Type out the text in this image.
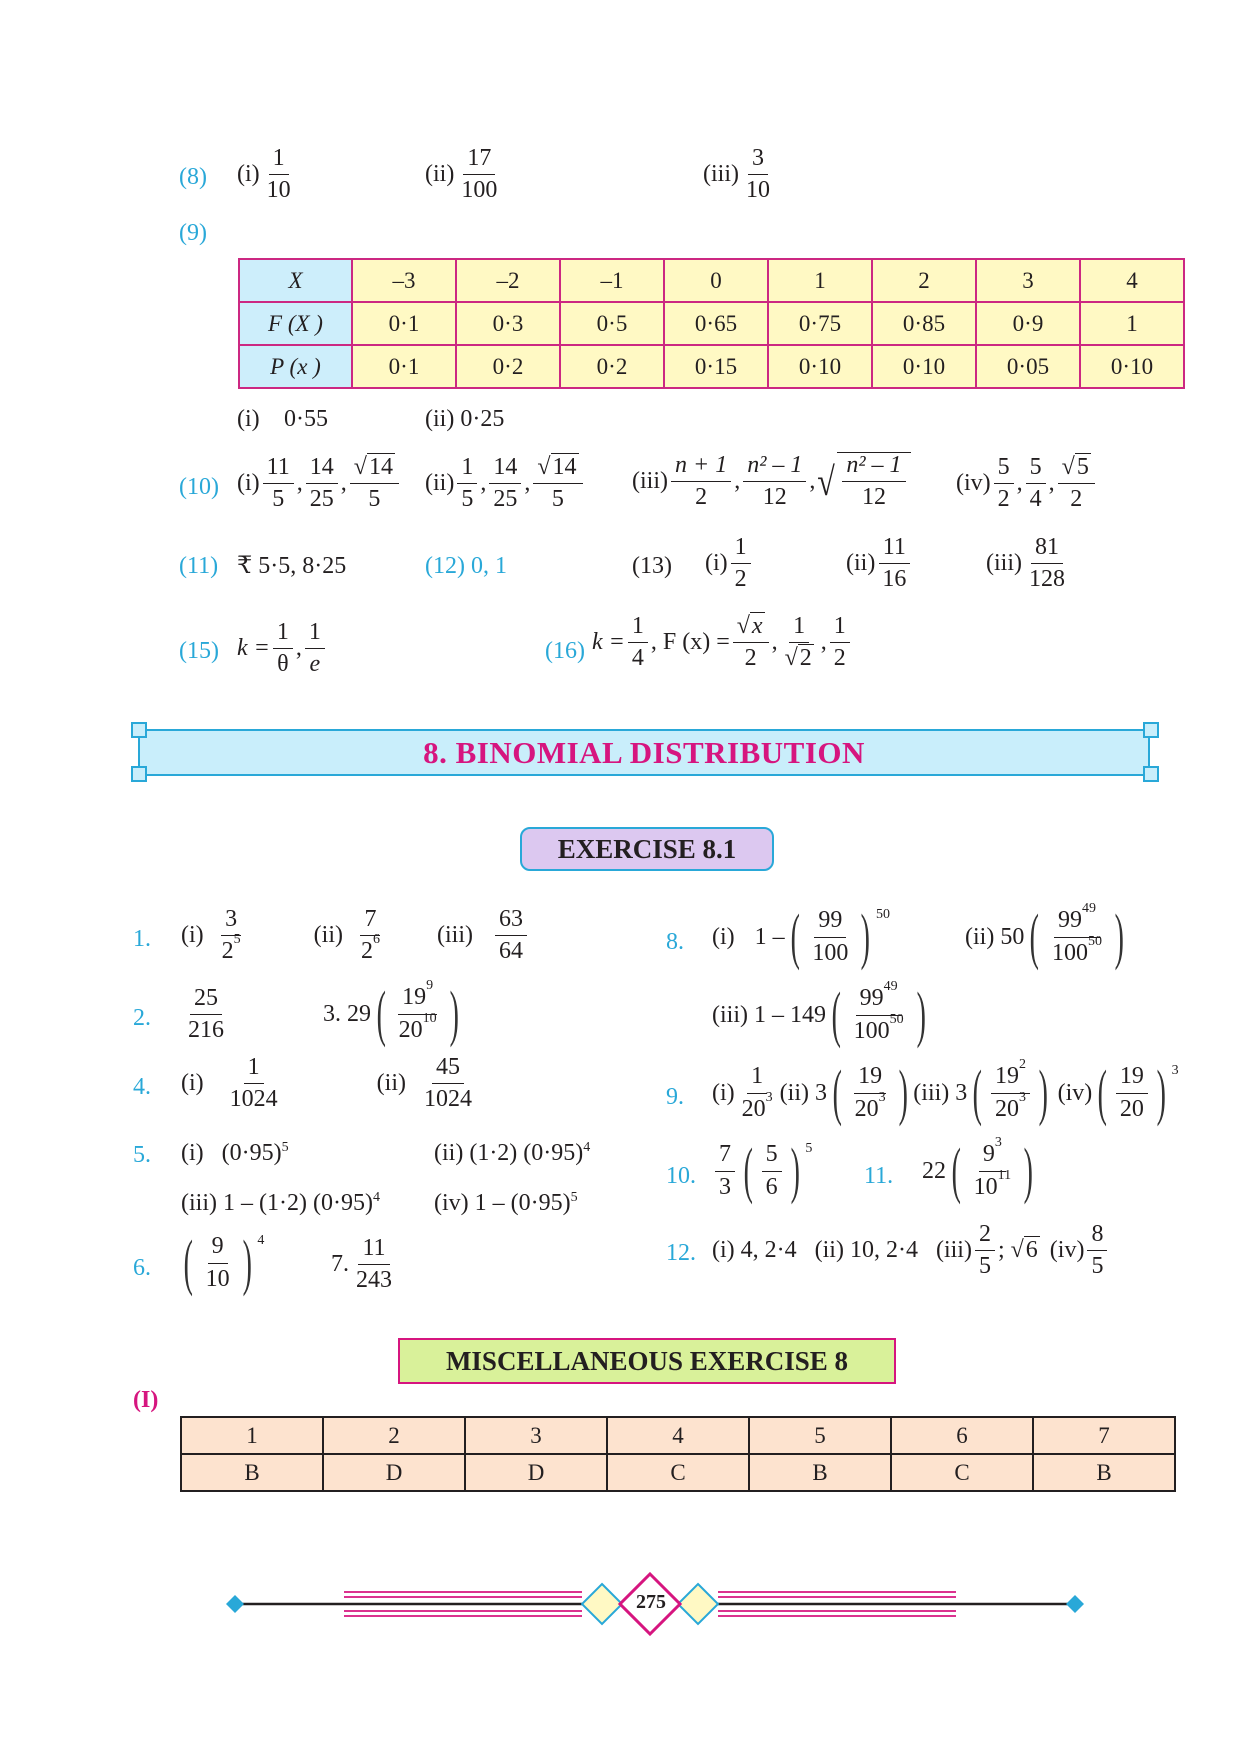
(8) $(i) \frac{1}{10}$	$(ii) \frac{17}{100}$	$(iii) \frac{3}{10}$
(9)
X	–3	–2	–1	0	1	2	3	4
F (X )	0·1	0·3	0·5	0·65	0·75	0·85	0·9	1
P (x )	0·1	0·2	0·2	0·15	0·10	0·10	0·05	0·10
(i) 0·55	(ii) 0·25
(10) $(i) \frac{11}{5}$ , $\frac{14}{25}$ , $\frac{√14}{5} (ii) \frac{1}{5}$ , $\frac{14}{25}$ , $\frac{√14}{5} (iii) \frac{n + 1}{2}$ , $\frac{\text{n² – 1}}{12}$ , √ $\frac{\text{n² – 1}}{12} (iv) \frac{5}{2}$ , $\frac{5}{4}$ , $\frac{√5}{2}$
(11) ₹ 5·5, 8·25	(12) 0, 1	(13) $(i) \frac{1}{2}$	$(ii) \frac{11}{16}$	$(iii) \frac{81}{128}$
(15) $k = \frac{1}{\theta}$ , $\frac{1}{e}$	(16) $k = \frac{1}{4}$ , F $(x) = \frac{√x}{2}$ , $\frac{1}{√2}$ , $\frac{1}{2}$
8. BINOMIAL DISTRIBUTION
EXERCISE 8.1
1. $(i) \frac{3}{2^5}$	$(ii) \frac{7}{2^6} (iii) \frac{63}{64}$
2. $\frac{25}{216}$	3. 29 ( $\frac{19^9}{20^{10}}$ )
4. $(i) \frac{1}{1024}$	$(ii) \frac{45}{1024}$
5. (i) (0·95) 5	(ii) (1·2) (0·95) 4
(iii) 1 – (1·2) (0·95) 4 (iv) 1 – (0·95) 5
6. ( $\frac{9}{10}$ ) 4
7. $\frac{11}{243}$
8. (i) 1 – ( $\frac{99}{100}$ ) 50
(ii) 50 ( $\frac{99^{49}}{100^{50}}$ )
(iii) 1 – 149 ( $\frac{99^{49}}{100^{50}}$ )
9. $(i) \frac{1}{20^3} (ii)$ 3 ( $\frac{19}{20^3}$ ) (iii) 3 ( $\frac{19^2}{20^3}$ ) (iv) ( $\frac{19}{20}$ ) 3
10. $\frac{7}{3}$ ( $\frac{5}{6}$ ) 5
11. 22 ( $\frac{9^3}{10^{11}}$ )
12. (i) 4, 2·4   (ii) 10, 2·4   $(iii) \frac{2}{5}$ ; √6 $(iv) \frac{8}{5}$
MISCELLANEOUS EXERCISE 8
(I)
1	2	3	4	5	6	7
B	D	D	C	B	C	B
275
